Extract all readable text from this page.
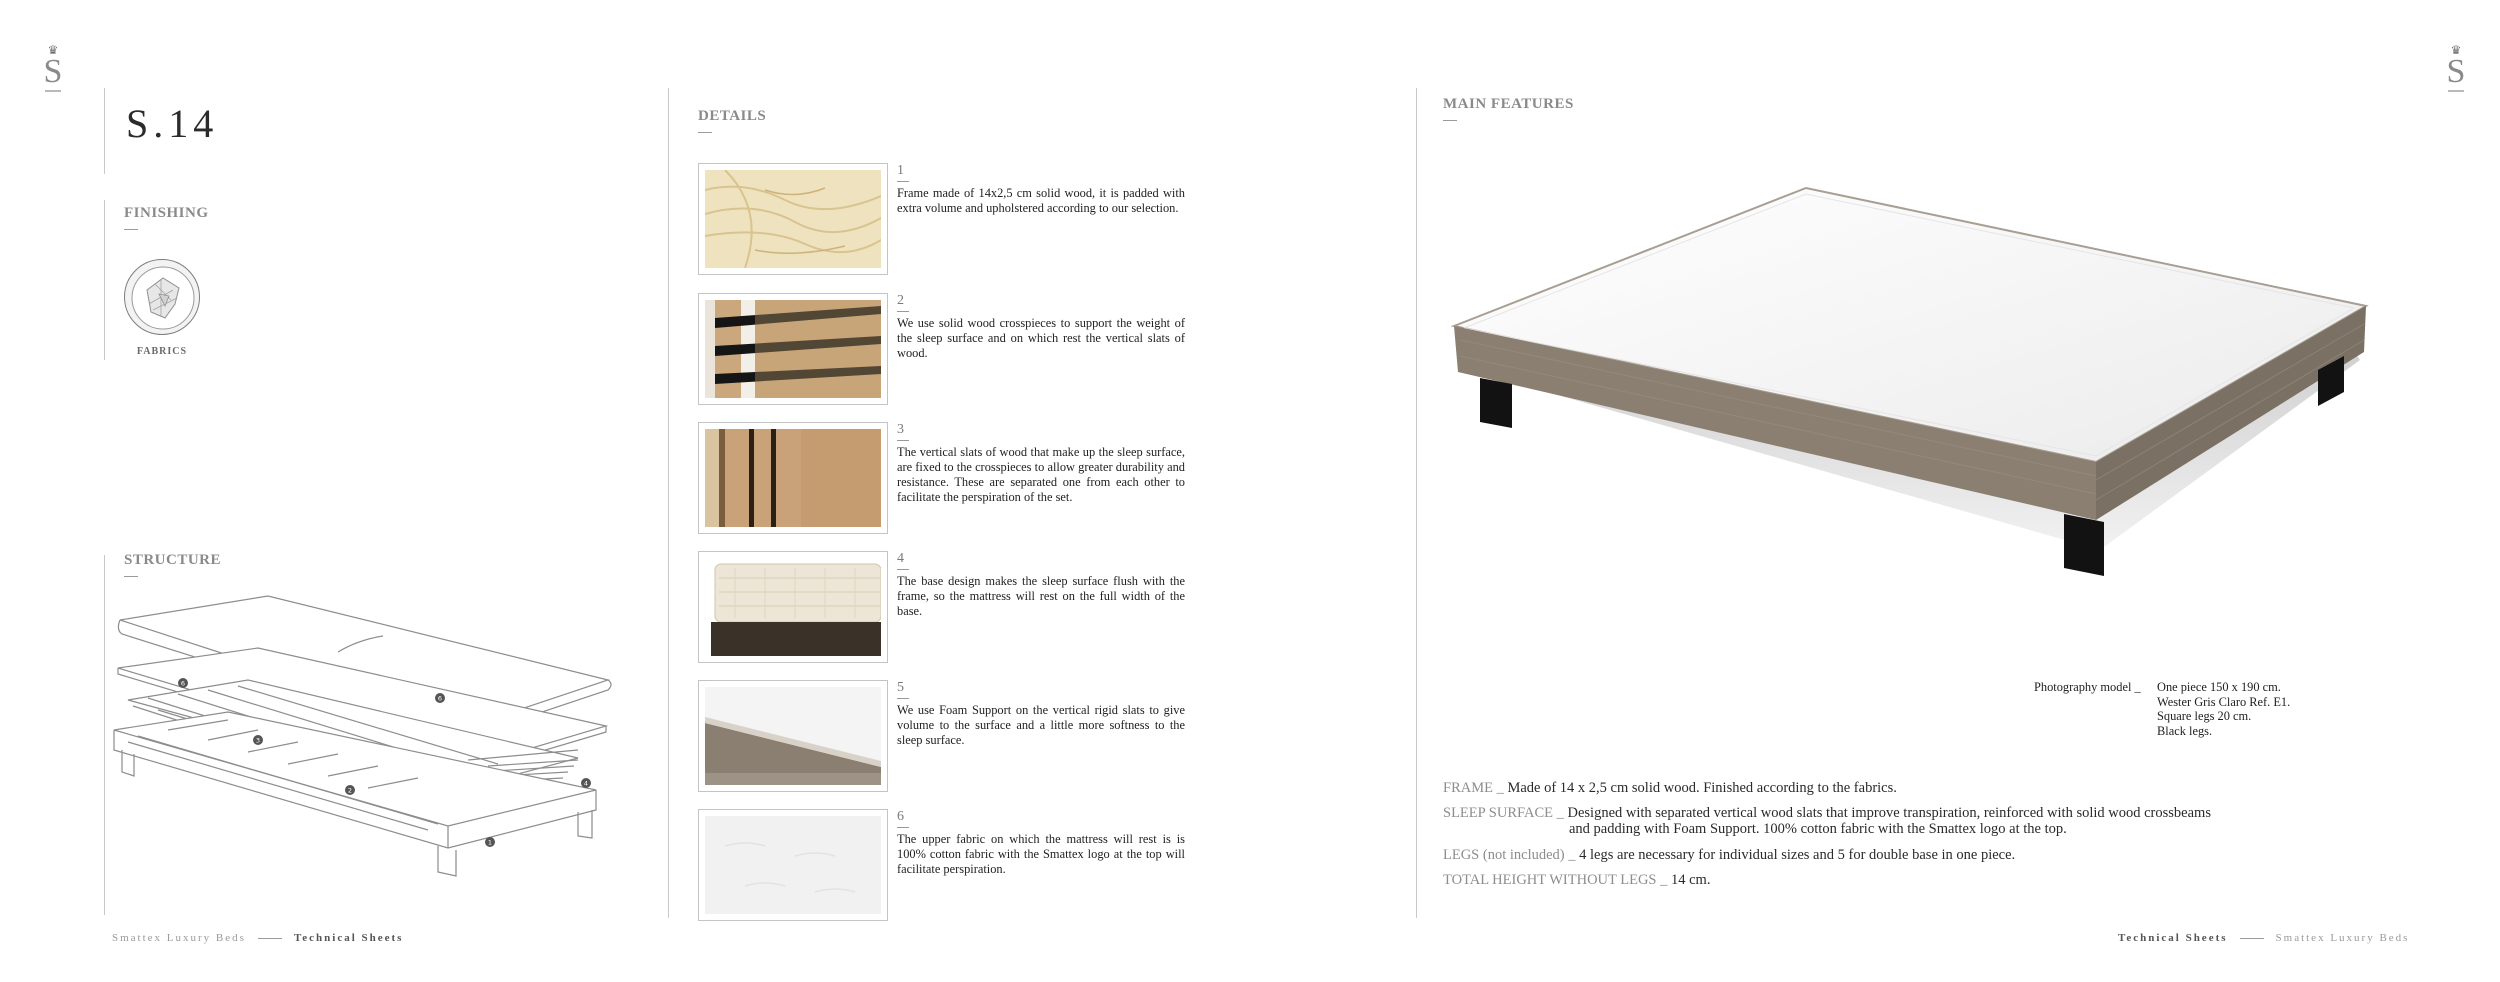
♛
S
♛
S
S.14
FINISHING
FABRICS
STRUCTURE
6
6
3
2
4
1
DETAILS
1
Frame made of 14x2,5 cm solid wood, it is padded with extra volume and upholstered according to our selection.
2
We use solid wood crosspieces to support the weight of the sleep surface and on which rest the vertical slats of wood.
3
The vertical slats of wood that make up the sleep surface, are fixed to the crosspieces to allow greater durability and resistance. These are separated one from each other to facilitate the perspiration of the set.
4
The base design makes the sleep surface flush with the frame, so the mattress will rest on the full width of the base.
5
We use Foam Support on the vertical rigid slats to give volume to the surface and a little more softness to the sleep surface.
6
The upper fabric on which the mattress will rest is is 100% cotton fabric with the Smattex logo at the top will facilitate perspiration.
MAIN FEATURES
Photography model _ One piece 150 x 190 cm.
Wester Gris Claro Ref. E1.
Square legs 20 cm.
Black legs.
FRAME _ Made of 14 x 2,5 cm solid wood. Finished according to the fabrics.
SLEEP SURFACE _ Designed with separated vertical wood slats that improve transpiration, reinforced with solid wood crossbeams
and padding with Foam Support. 100% cotton fabric with the Smattex logo at the top.
LEGS (not included) _ 4 legs are necessary for individual sizes and 5 for double base in one piece.
TOTAL HEIGHT WITHOUT LEGS _ 14 cm.
Smattex Luxury Beds	Technical Sheets	Technical Sheets	Smattex Luxury Beds
